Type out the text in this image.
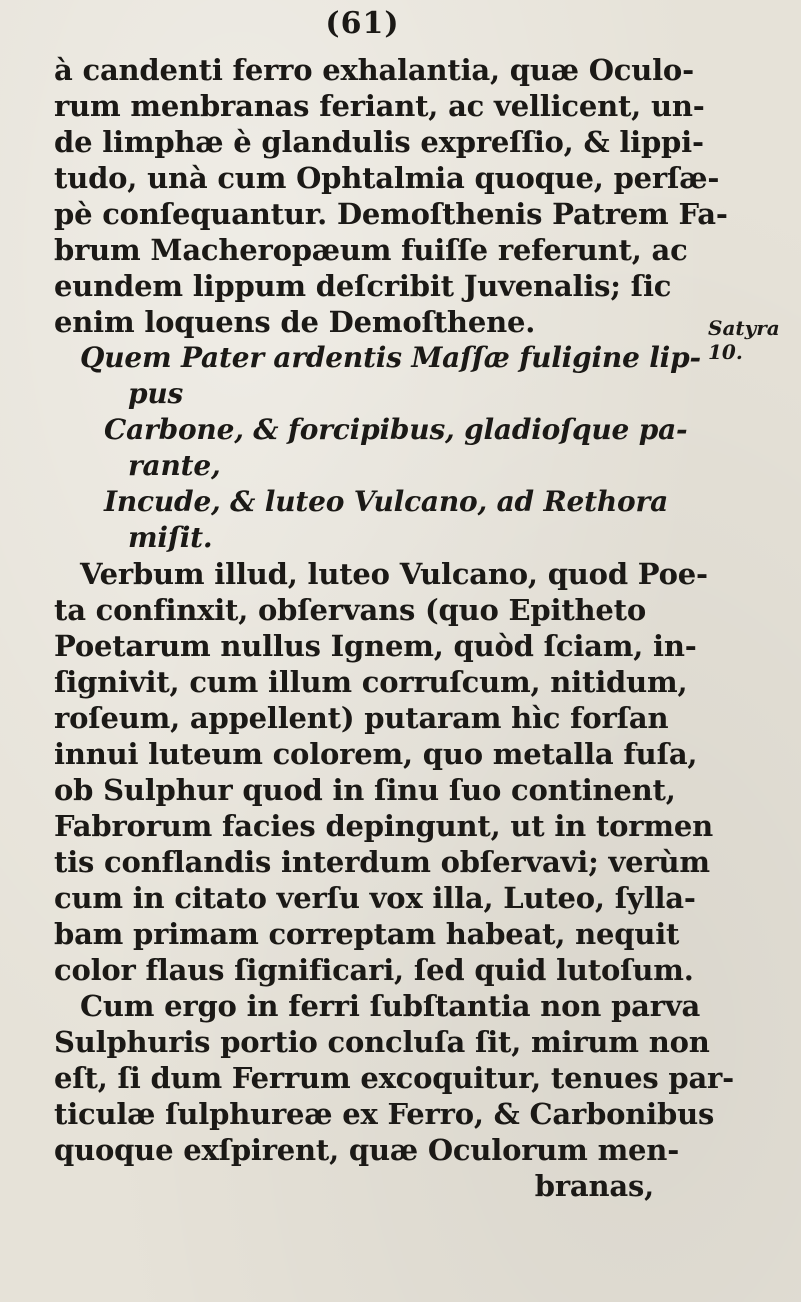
(61)
à candenti ferro exhalantia, quæ Oculo-
rum menbranas feriant, ac vellicent, un-
de limphæ è glandulis expreſſio, & lippi-
tudo, unà cum Ophtalmia quoque, perſæ-
pè conſequantur. Demoſthenis Patrem Fa-
brum Macheropæum fuiſſe referunt, ac
eundem lippum deſcribit Juvenalis; ſic
enim loquens de Demoſthene.
Quem Pater ardentis Maſſæ fuligine lip-
pus
Carbone, & forcipibus, gladioſque pa-
rante,
Incude, & luteo Vulcano, ad Rethora
miſit.
Verbum illud, luteo Vulcano, quod Poe-
ta confinxit, obſervans (quo Epitheto
Poetarum nullus Ignem, quòd ſciam, in-
ſignivit, cum illum corruſcum, nitidum,
roſeum, appellent) putaram hìc forſan
innui luteum colorem, quo metalla fuſa,
ob Sulphur quod in ſinu ſuo continent,
Fabrorum facies depingunt, ut in tormen
tis conflandis interdum obſervavi; verùm
cum in citato verſu vox illa, Luteo, ſylla-
bam primam correptam habeat, nequit
color flaus ſignificari, ſed quid lutoſum.
Cum ergo in ferri ſubſtantia non parva
Sulphuris portio concluſa ſit, mirum non
eſt, ſi dum Ferrum excoquitur, tenues par-
ticulæ ſulphureæ ex Ferro, & Carbonibus
quoque exſpirent, quæ Oculorum men-
branas,
Satyra
10.
